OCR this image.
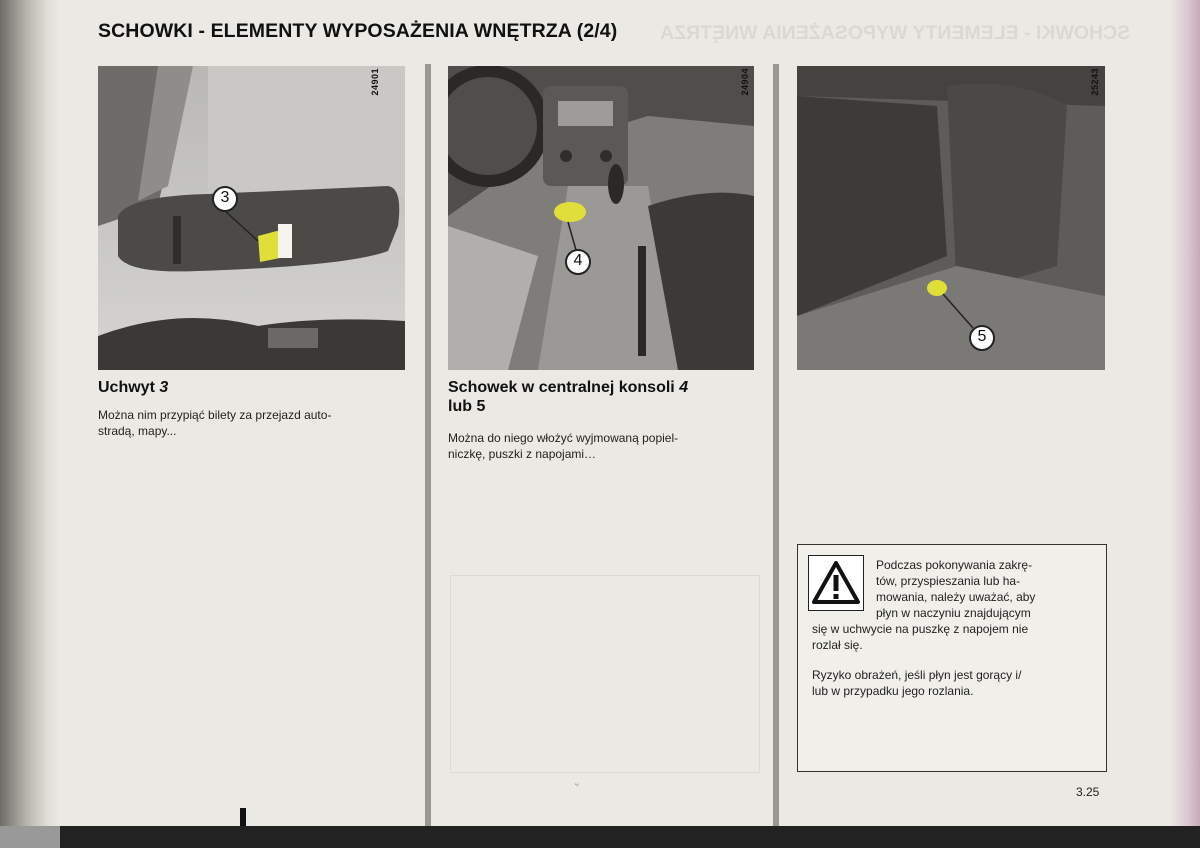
SCHOWKI - ELEMENTY WYPOSAŻENIA WNĘTRZA
SCHOWKI - ELEMENTY WYPOSAŻENIA WNĘTRZA (2/4)
3
24901
4
24904
5
25243
Uchwyt 3
Można nim przypiąć bilety za przejazd auto-
stradą, mapy...
Schowek w centralnej konsoli 4
lub 5
Można do niego włożyć wyjmowaną popiel-
niczkę, puszki z napojami…
Podczas pokonywania zakrę-
tów, przyspieszania lub ha-
mowania, należy uważać, aby
płyn w naczyniu znajdującym
się w uchwycie na puszkę z napojem nie
rozlał się.
Ryzyko obrażeń, jeśli płyn jest gorący i/
lub w przypadku jego rozlania.
ᵕ	3.25
